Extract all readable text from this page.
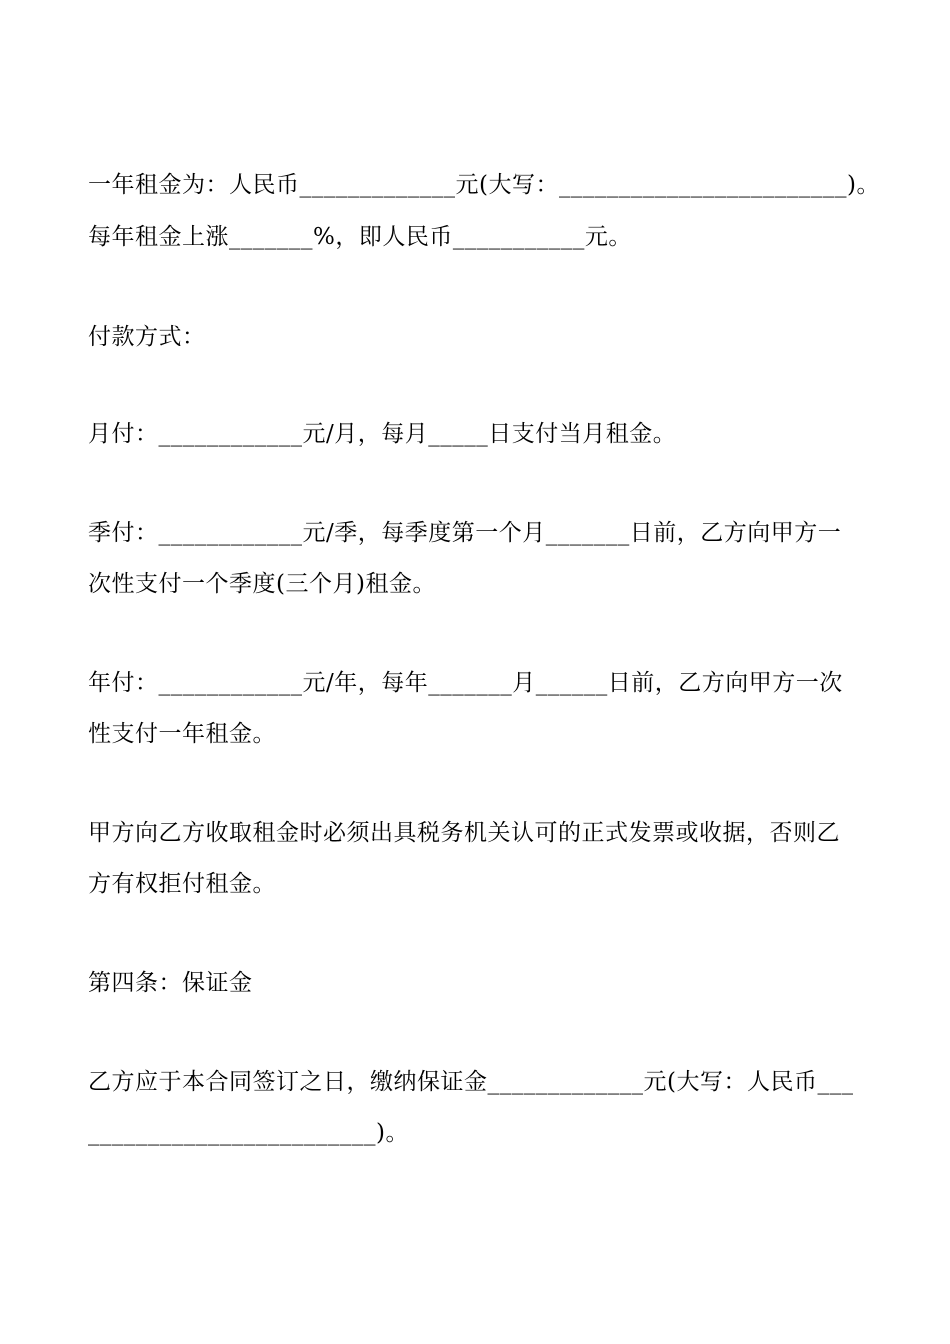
一年租金为：人民币_____________元(大写：________________________)。
每年租金上涨_______%，即人民币___________元。
付款方式：
月付：____________元/月，每月_____日支付当月租金。
季付：____________元/季，每季度第一个月_______日前，乙方向甲方一
次性支付一个季度(三个月)租金。
年付：____________元/年，每年_______月______日前，乙方向甲方一次
性支付一年租金。
甲方向乙方收取租金时必须出具税务机关认可的正式发票或收据，否则乙
方有权拒付租金。
第四条：保证金
乙方应于本合同签订之日，缴纳保证金_____________元(大写：人民币___
________________________)。
